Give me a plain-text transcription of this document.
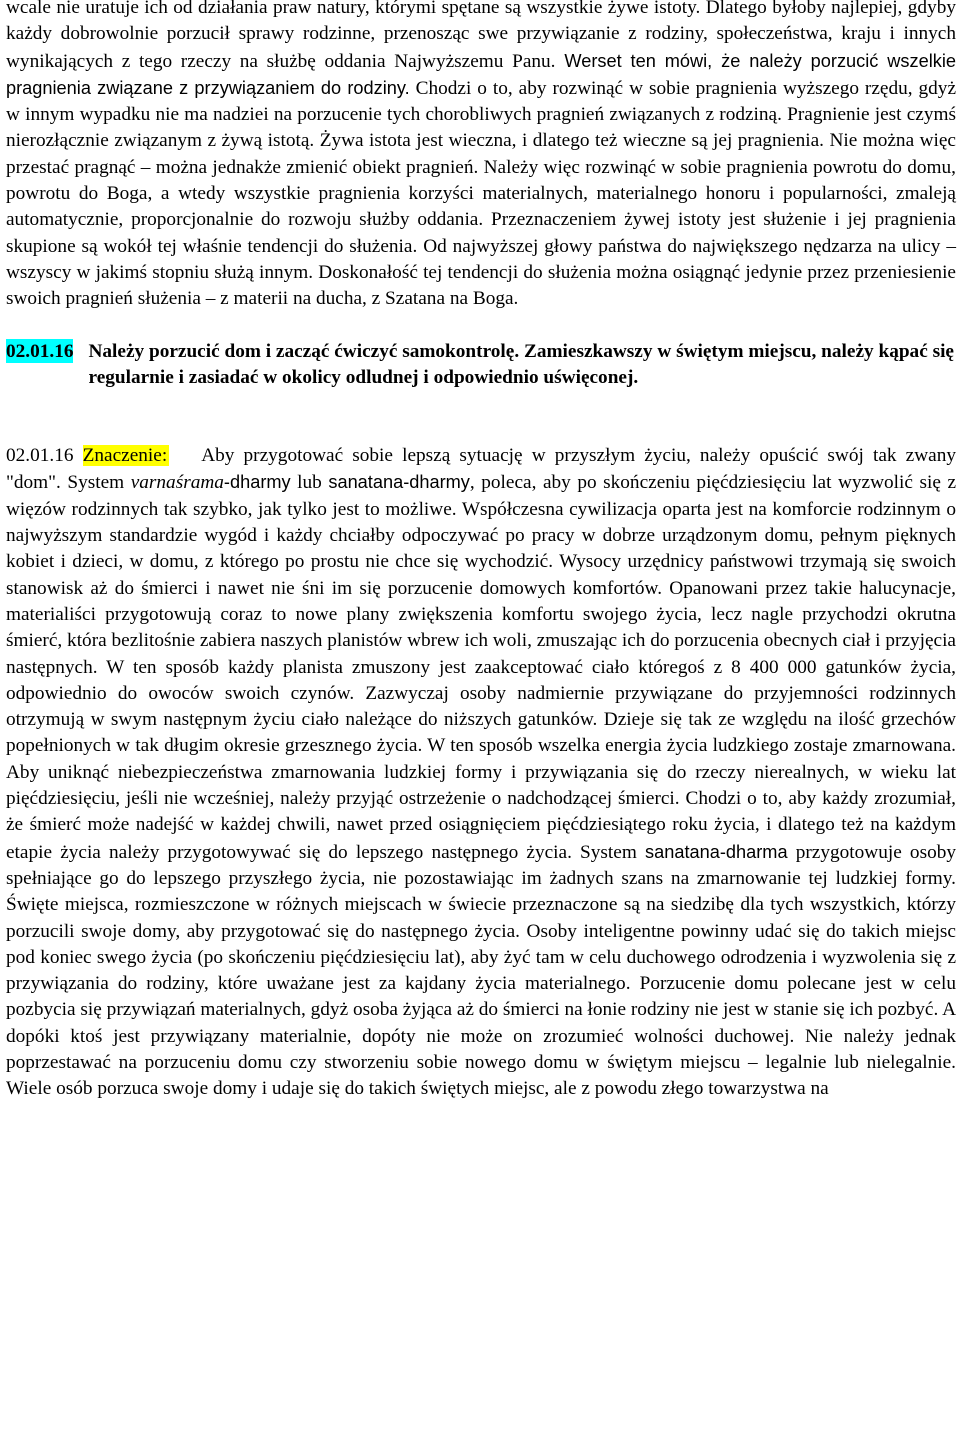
wcale nie uratuje ich od działania praw natury, którymi spętane są wszystkie żywe istoty. Dlatego byłoby najlepiej, gdyby każdy dobrowolnie porzucił sprawy rodzinne, przenosząc swe przywiązanie z rodziny, społeczeństwa, kraju i innych wynikających z tego rzeczy na służbę oddania Najwyższemu Panu. Werset ten mówi, że należy porzucić wszelkie pragnienia związane z przywiązaniem do rodziny. Chodzi o to, aby rozwinąć w sobie pragnienia wyższego rzędu, gdyż w innym wypadku nie ma nadziei na porzucenie tych chorobliwych pragnień związanych z rodziną. Pragnienie jest czymś nierozłącznie związanym z żywą istotą. Żywa istota jest wieczna, i dlatego też wieczne są jej pragnienia. Nie można więc przestać pragnąć – można jednakże zmienić obiekt pragnień. Należy więc rozwinąć w sobie pragnienia powrotu do domu, powrotu do Boga, a wtedy wszystkie pragnienia korzyści materialnych, materialnego honoru i popularności, zmaleją automatycznie, proporcjonalnie do rozwoju służby oddania. Przeznaczeniem żywej istoty jest służenie i jej pragnienia skupione są wokół tej właśnie tendencji do służenia. Od najwyższej głowy państwa do największego nędzarza na ulicy – wszyscy w jakimś stopniu służą innym. Doskonałość tej tendencji do służenia można osiągnąć jedynie przez przeniesienie swoich pragnień służenia – z materii na ducha, z Szatana na Boga.

02.01.16 Należy porzucić dom i zacząć ćwiczyć samokontrolę. Zamieszkawszy w świętym miejscu, należy kąpać się regularnie i zasiadać w okolicy odludnej i odpowiednio uświęconej.

02.01.16 Znaczenie: Aby przygotować sobie lepszą sytuację w przyszłym życiu, należy opuścić swój tak zwany "dom". System varnaśrama-dharmy lub sanatana-dharmy, poleca, aby po skończeniu pięćdziesięciu lat wyzwolić się z więzów rodzinnych tak szybko, jak tylko jest to możliwe. Współczesna cywilizacja oparta jest na komforcie rodzinnym o najwyższym standardzie wygód i każdy chciałby odpoczywać po pracy w dobrze urządzonym domu, pełnym pięknych kobiet i dzieci, w domu, z którego po prostu nie chce się wychodzić. Wysocy urzędnicy państwowi trzymają się swoich stanowisk aż do śmierci i nawet nie śni im się porzucenie domowych komfortów. Opanowani przez takie halucynacje, materialiści przygotowują coraz to nowe plany zwiększenia komfortu swojego życia, lecz nagle przychodzi okrutna śmierć, która bezlitośnie zabiera naszych planistów wbrew ich woli, zmuszając ich do porzucenia obecnych ciał i przyjęcia następnych. W ten sposób każdy planista zmuszony jest zaakceptować ciało któregoś z 8 400 000 gatunków życia, odpowiednio do owoców swoich czynów. Zazwyczaj osoby nadmiernie przywiązane do przyjemności rodzinnych otrzymują w swym następnym życiu ciało należące do niższych gatunków. Dzieje się tak ze względu na ilość grzechów popełnionych w tak długim okresie grzesznego życia. W ten sposób wszelka energia życia ludzkiego zostaje zmarnowana. Aby uniknąć niebezpieczeństwa zmarnowania ludzkiej formy i przywiązania się do rzeczy nierealnych, w wieku lat pięćdziesięciu, jeśli nie wcześniej, należy przyjąć ostrzeżenie o nadchodzącej śmierci. Chodzi o to, aby każdy zrozumiał, że śmierć może nadejść w każdej chwili, nawet przed osiągnięciem pięćdziesiątego roku życia, i dlatego też na każdym etapie życia należy przygotowywać się do lepszego następnego życia. System sanatana-dharma przygotowuje osoby spełniające go do lepszego przyszłego życia, nie pozostawiając im żadnych szans na zmarnowanie tej ludzkiej formy. Święte miejsca, rozmieszczone w różnych miejscach w świecie przeznaczone są na siedzibę dla tych wszystkich, którzy porzucili swoje domy, aby przygotować się do następnego życia. Osoby inteligentne powinny udać się do takich miejsc pod koniec swego życia (po skończeniu pięćdziesięciu lat), aby żyć tam w celu duchowego odrodzenia i wyzwolenia się z przywiązania do rodziny, które uważane jest za kajdany życia materialnego. Porzucenie domu polecane jest w celu pozbycia się przywiązań materialnych, gdyż osoba żyjąca aż do śmierci na łonie rodziny nie jest w stanie się ich pozbyć. A dopóki ktoś jest przywiązany materialnie, dopóty nie może on zrozumieć wolności duchowej. Nie należy jednak poprzestawać na porzuceniu domu czy stworzeniu sobie nowego domu w świętym miejscu – legalnie lub nielegalnie. Wiele osób porzuca swoje domy i udaje się do takich świętych miejsc, ale z powodu złego towarzystwa na
